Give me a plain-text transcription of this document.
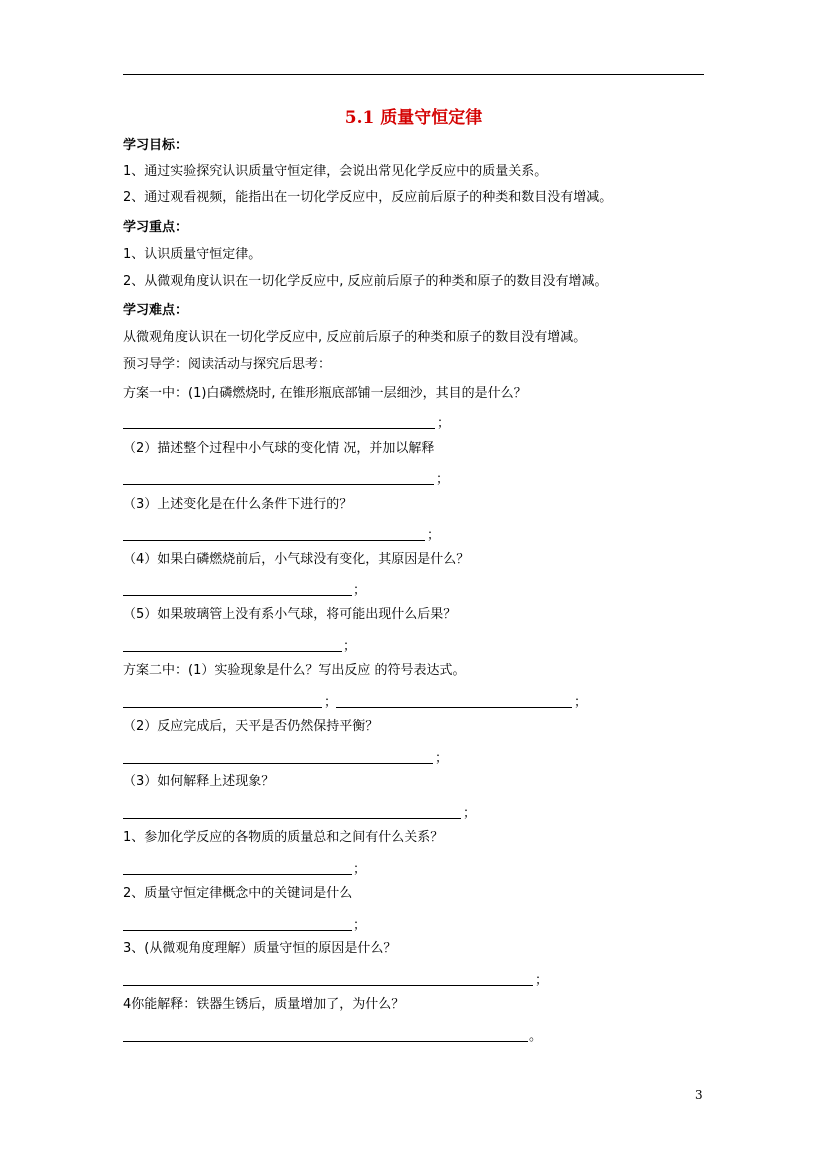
5.1 质量守恒定律
学习目标：
1、通过实验探究认识质量守恒定律，会说出常见化学反应中的质量关系。
2、通过观看视频，能指出在一切化学反应中，反应前后原子的种类和数目没有增减。
学习重点：
1、认识质量守恒定律。
2、从微观角度认识在一切化学反应中, 反应前后原子的种类和原子的数目没有增减。
学习难点：
从微观角度认识在一切化学反应中, 反应前后原子的种类和原子的数目没有增减。
预习导学：阅读活动与探究后思考：
方案一中：(1)白磷燃烧时, 在锥形瓶底部铺一层细沙，其目的是什么？
；
（2）描述整个过程中小气球的变化情 况，并加以解释
；
（3）上述变化是在什么条件下进行的？
；
（4）如果白磷燃烧前后，小气球没有变化，其原因是什么？
；
（5）如果玻璃管上没有系小气球，将可能出现什么后果？
；
方案二中：(1）实验现象是什么？写出反应 的符号表达式。
；	；
（2）反应完成后，天平是否仍然保持平衡？
；
（3）如何解释上述现象？
；
1、参加化学反应的各物质的质量总和之间有什么关系？
；
2、质量守恒定律概念中的关键词是什么
；
3、(从微观角度理解）质量守恒的原因是什么？
；
4你能解释：铁器生锈后，质量增加了，为什么？
。
3
